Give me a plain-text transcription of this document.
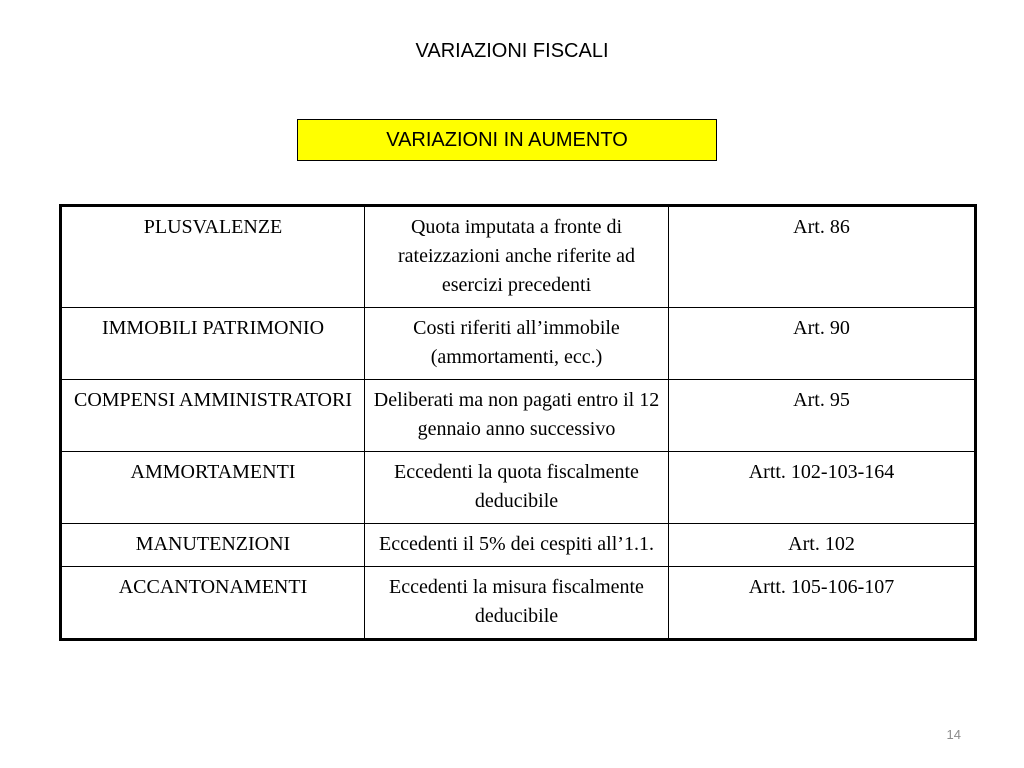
VARIAZIONI FISCALI
VARIAZIONI IN AUMENTO
PLUSVALENZE	Quota imputata a fronte di rateizzazioni anche riferite ad esercizi precedenti	Art. 86
IMMOBILI PATRIMONIO	Costi riferiti all’immobile (ammortamenti, ecc.)	Art. 90
COMPENSI AMMINISTRATORI	Deliberati ma non pagati entro il 12 gennaio anno successivo	Art. 95
AMMORTAMENTI	Eccedenti la quota fiscalmente deducibile	Artt. 102-103-164
MANUTENZIONI	Eccedenti il 5% dei cespiti all’1.1.	Art. 102
ACCANTONAMENTI	Eccedenti la misura fiscalmente deducibile	Artt. 105-106-107
14
